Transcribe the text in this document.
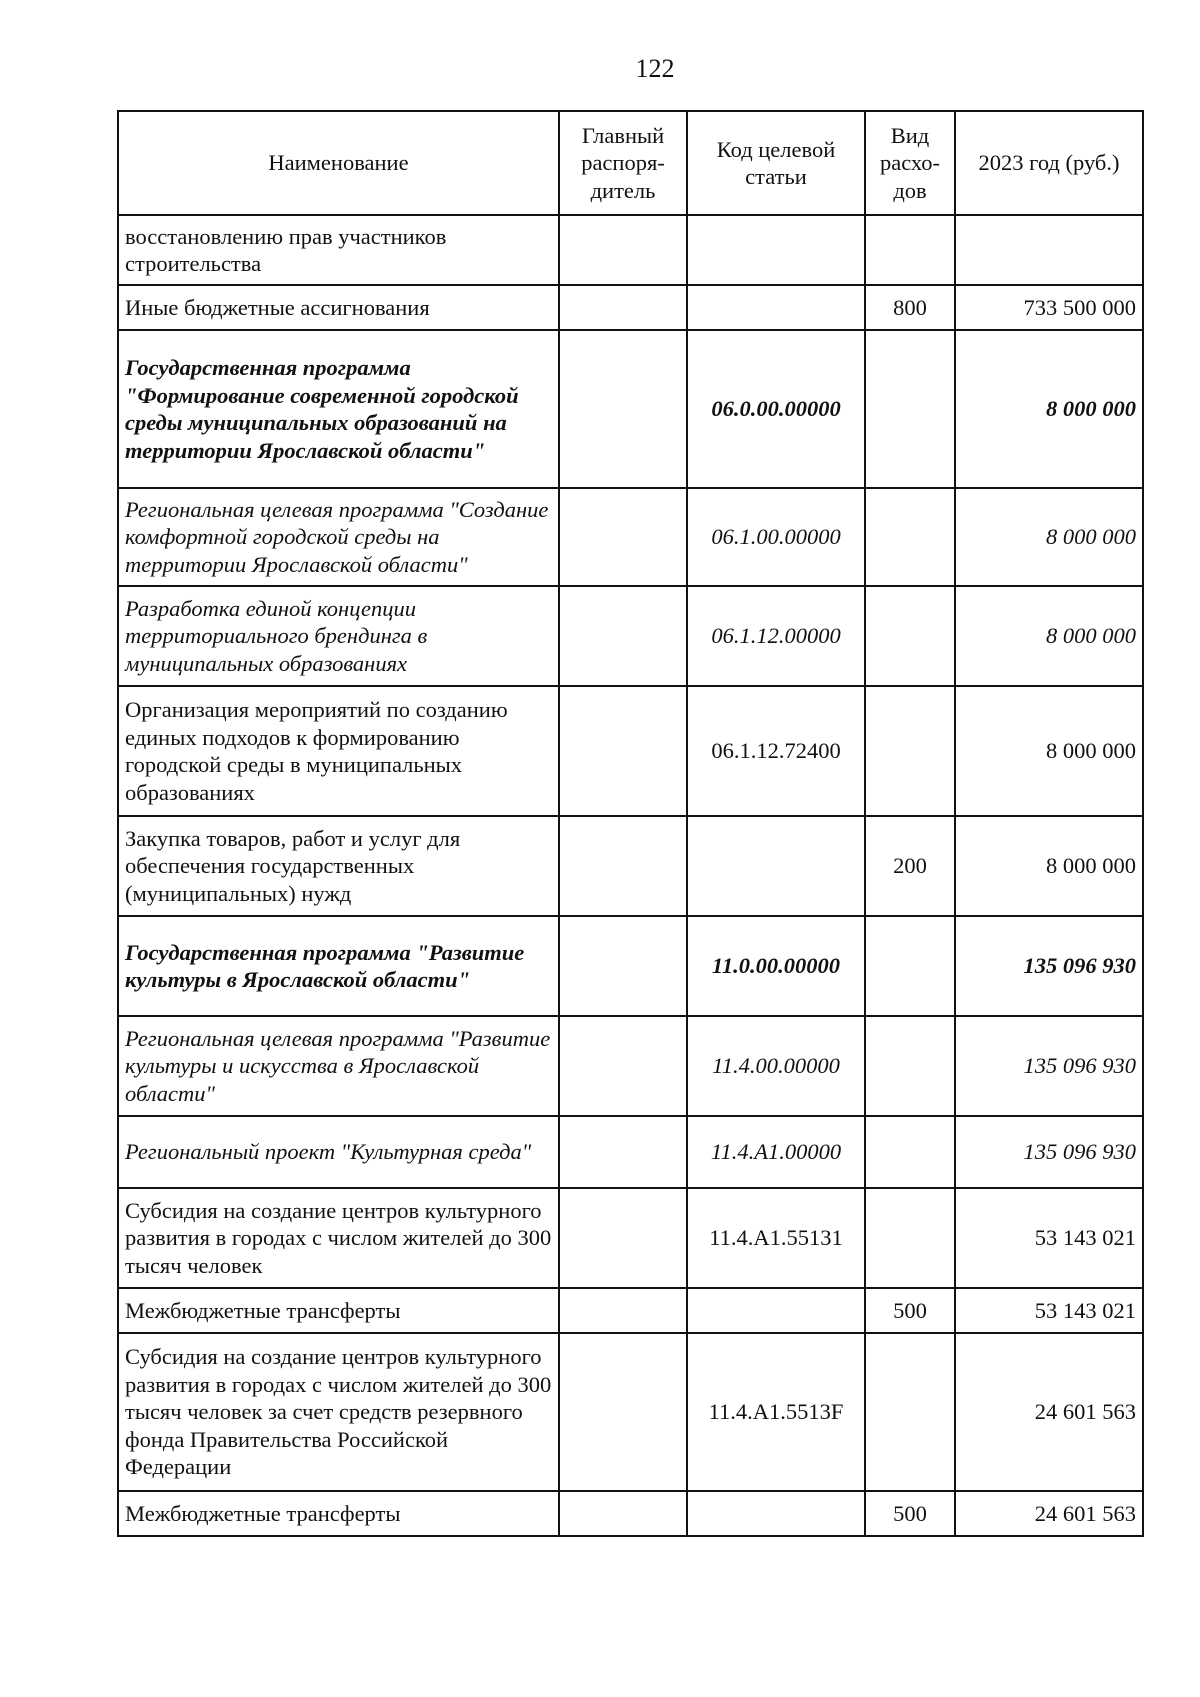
122
Наименование	Главный распоря-дитель	Код целевой статьи	Вид расхо-дов	2023 год (руб.)
восстановлению прав участников строительства				
Иные бюджетные ассигнования			800	733 500 000
Государственная программа "Формирование современной городской среды муниципальных образований на территории Ярославской области"		06.0.00.00000		8 000 000
Региональная целевая программа "Создание комфортной городской среды на территории Ярославской области"		06.1.00.00000		8 000 000
Разработка единой концепции территориального брендинга в муниципальных образованиях		06.1.12.00000		8 000 000
Организация мероприятий по созданию единых подходов к формированию городской среды в муниципальных образованиях		06.1.12.72400		8 000 000
Закупка товаров, работ и услуг для обеспечения государственных (муниципальных) нужд			200	8 000 000
Государственная программа "Развитие культуры в Ярославской области"		11.0.00.00000		135 096 930
Региональная целевая программа "Развитие культуры и искусства в Ярославской области"		11.4.00.00000		135 096 930
Региональный проект "Культурная среда"		11.4.A1.00000		135 096 930
Субсидия на создание центров культурного развития в городах с числом жителей до 300 тысяч человек		11.4.A1.55131		53 143 021
Межбюджетные трансферты			500	53 143 021
Субсидия на создание центров культурного развития в городах с числом жителей до 300 тысяч человек за счет средств резервного фонда Правительства Российской Федерации		11.4.A1.5513F		24 601 563
Межбюджетные трансферты			500	24 601 563
